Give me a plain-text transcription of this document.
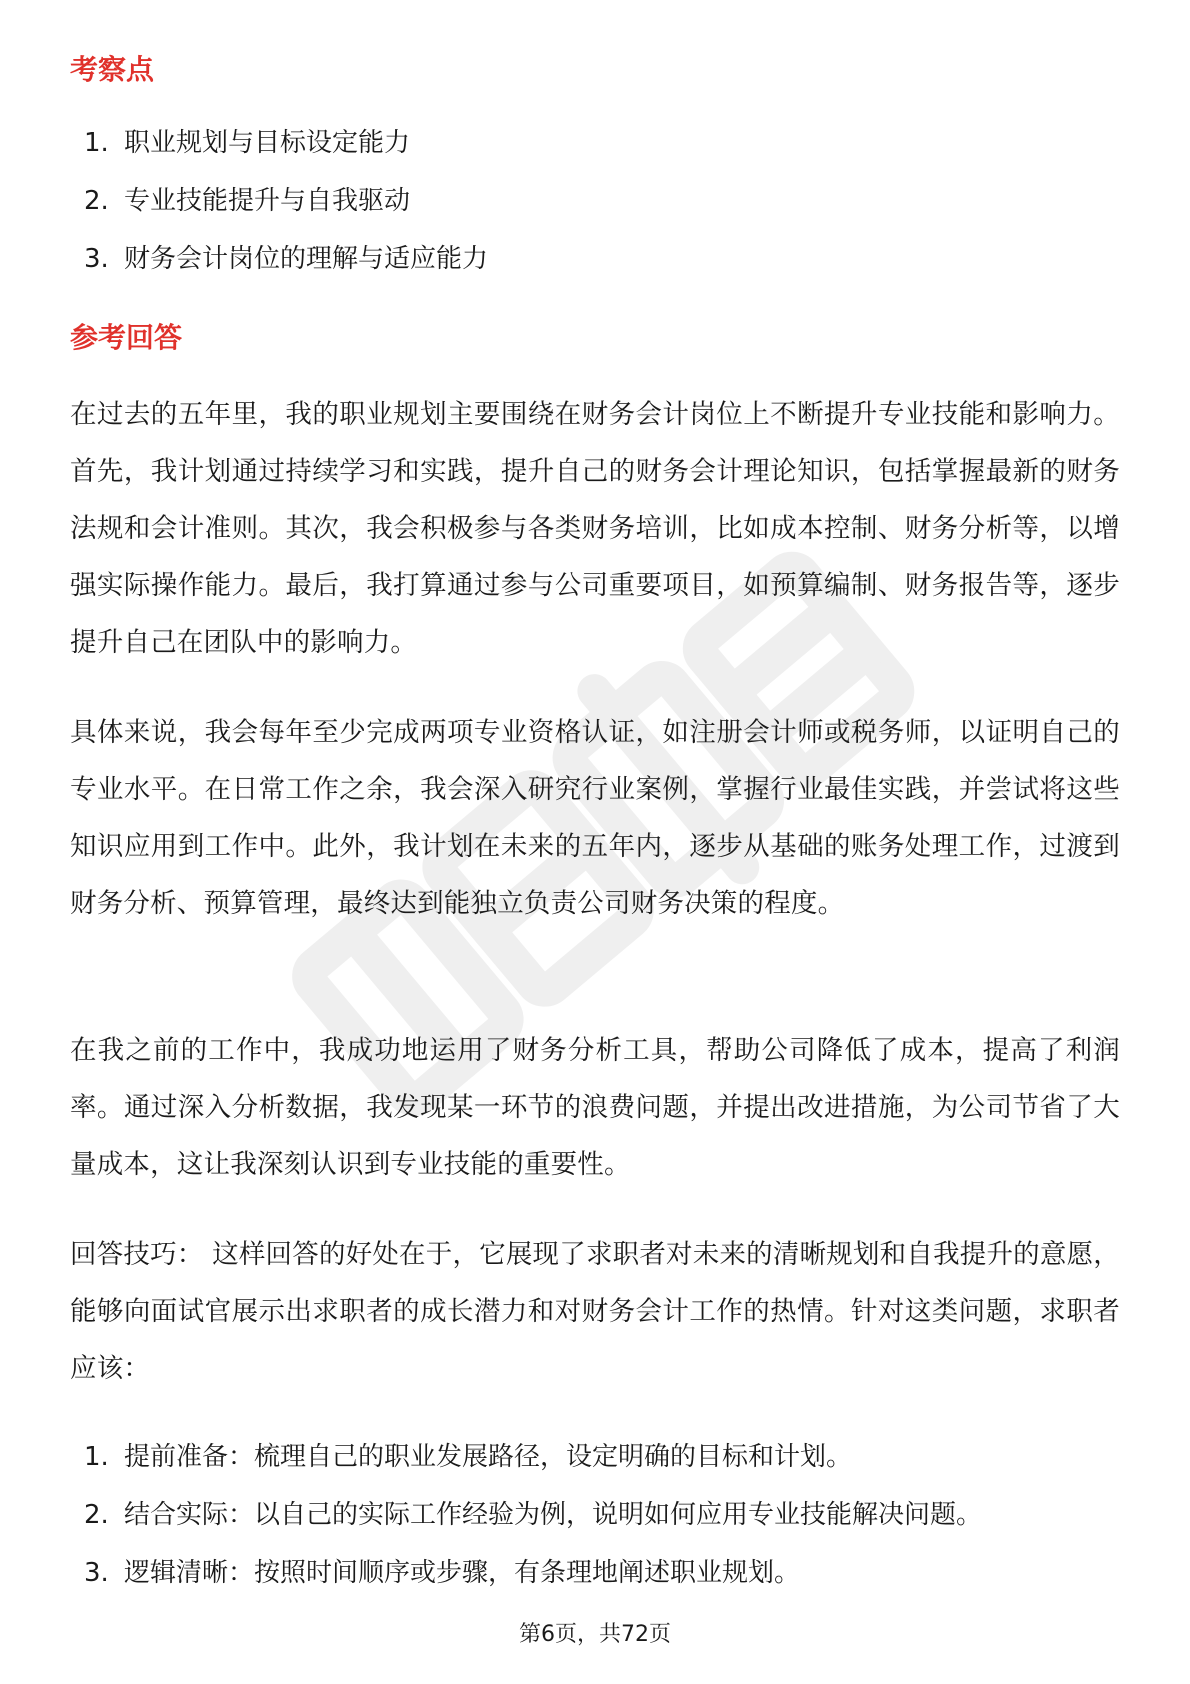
考察点
1. 职业规划与目标设定能力
2. 专业技能提升与自我驱动
3. 财务会计岗位的理解与适应能力
参考回答

在过去的五年里，我的职业规划主要围绕在财务会计岗位上不断提升专业技能和影响力。首先，我计划通过持续学习和实践，提升自己的财务会计理论知识，包括掌握最新的财务法规和会计准则。其次，我会积极参与各类财务培训，比如成本控制、财务分析等，以增强实际操作能力。最后，我打算通过参与公司重要项目，如预算编制、财务报告等，逐步提升自己在团队中的影响力。

具体来说，我会每年至少完成两项专业资格认证，如注册会计师或税务师，以证明自己的专业水平。在日常工作之余，我会深入研究行业案例，掌握行业最佳实践，并尝试将这些知识应用到工作中。此外，我计划在未来的五年内，逐步从基础的账务处理工作，过渡到财务分析、预算管理，最终达到能独立负责公司财务决策的程度。

在我之前的工作中，我成功地运用了财务分析工具，帮助公司降低了成本，提高了利润率。通过深入分析数据，我发现某一环节的浪费问题，并提出改进措施，为公司节省了大量成本，这让我深刻认识到专业技能的重要性。

回答技巧： 这样回答的好处在于，它展现了求职者对未来的清晰规划和自我提升的意愿，能够向面试官展示出求职者的成长潜力和对财务会计工作的热情。针对这类问题，求职者应该：

1. 提前准备：梳理自己的职业发展路径，设定明确的目标和计划。
2. 结合实际：以自己的实际工作经验为例，说明如何应用专业技能解决问题。
3. 逻辑清晰：按照时间顺序或步骤，有条理地阐述职业规划。
第6页，共72页
